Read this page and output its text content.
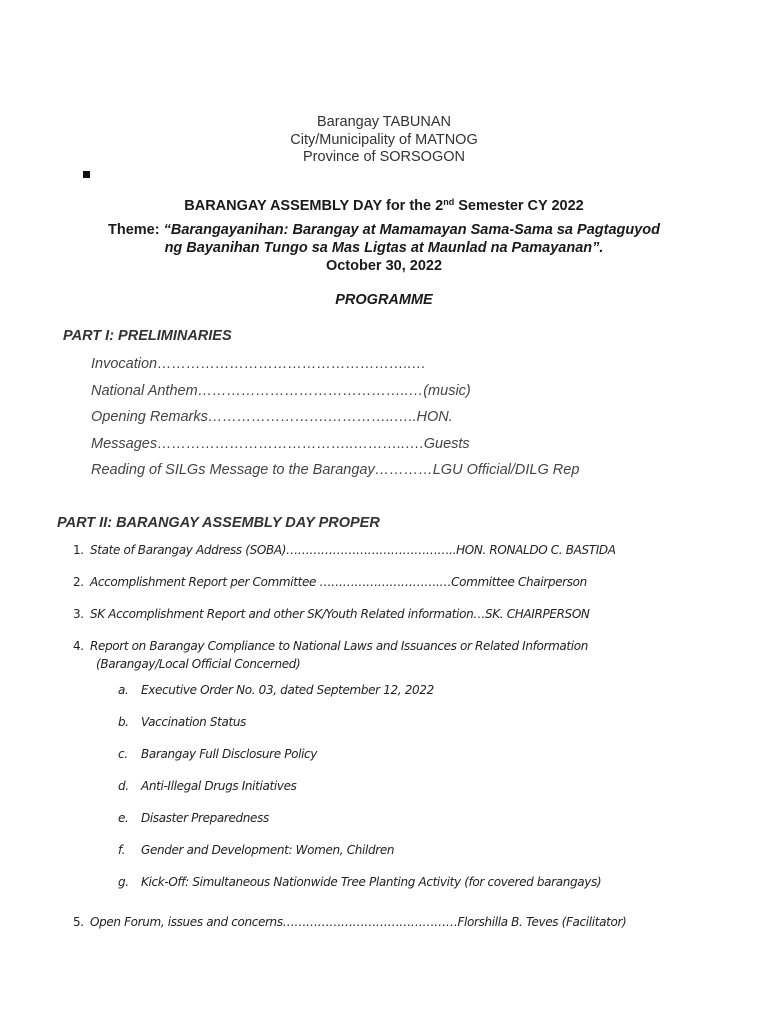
Barangay TABUNAN
City/Municipality of MATNOG
Province of SORSOGON
BARANGAY ASSEMBLY DAY for the 2nd Semester CY 2022
Theme: “Barangayanihan: Barangay at Mamamayan Sama-Sama sa Pagtaguyod
ng Bayanihan Tungo sa Mas Ligtas at Maunlad na Pamayanan”.
October 30, 2022
PROGRAMME
PART I: PRELIMINARIES
Invocation……………………………………………..…
National Anthem……………………………………..…(music)
Opening Remarks…………………….…………..…..HON.
Messages…………………………………..………..….Guests
Reading of SILGs Message to the Barangay…………LGU Official/DILG Rep
PART II: BARANGAY ASSEMBLY DAY PROPER
1. State of Barangay Address (SOBA)……………………………………..HON. RONALDO C. BASTIDA
2. Accomplishment Report per Committee ………………………….…Committee Chairperson
3. SK Accomplishment Report and other SK/Youth Related information…SK. CHAIRPERSON
4. Report on Barangay Compliance to National Laws and Issuances or Related Information
(Barangay/Local Official Concerned)
a. Executive Order No. 03, dated September 12, 2022
b. Vaccination Status
c. Barangay Full Disclosure Policy
d. Anti-Illegal Drugs Initiatives
e. Disaster Preparedness
f. Gender and Development: Women, Children
g. Kick-Off: Simultaneous Nationwide Tree Planting Activity (for covered barangays)
5. Open Forum, issues and concerns………………………………………Florshilla B. Teves (Facilitator)
